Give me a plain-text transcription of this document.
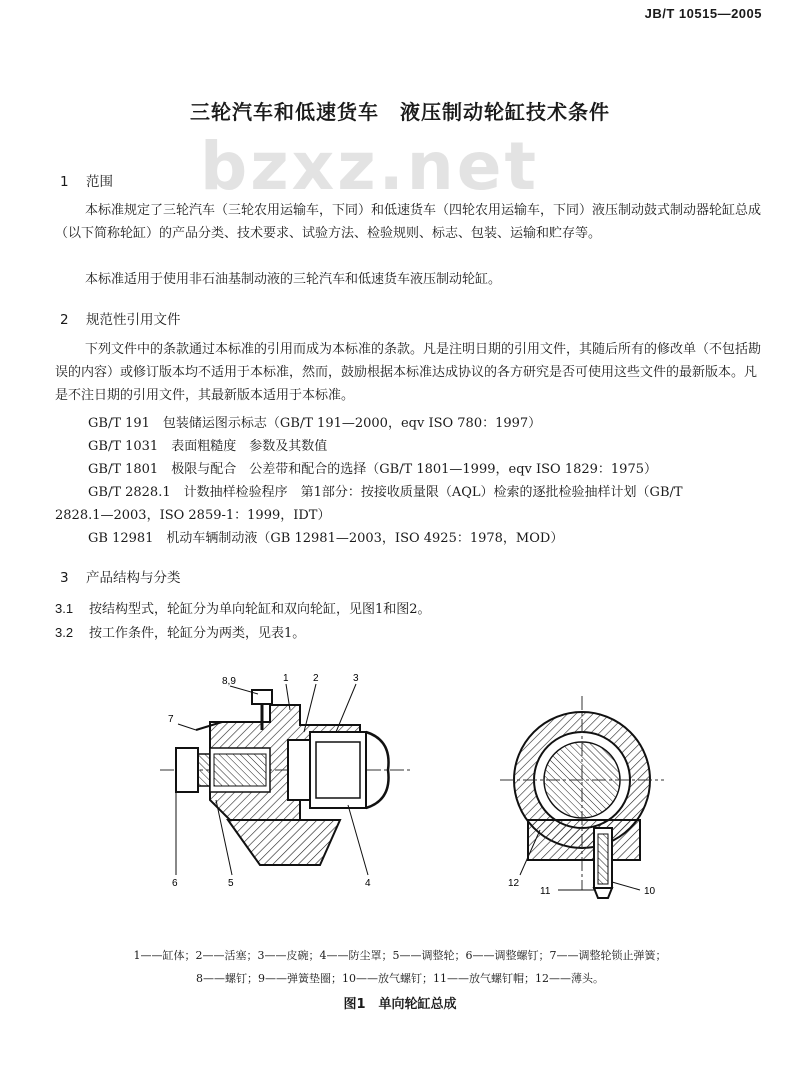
JB/T 10515—2005
三轮汽车和低速货车　液压制动轮缸技术条件
bzxz.net
1 范围
本标准规定了三轮汽车（三轮农用运输车，下同）和低速货车（四轮农用运输车，下同）液压制动鼓式制动器轮缸总成（以下简称轮缸）的产品分类、技术要求、试验方法、检验规则、标志、包装、运输和贮存等。
本标准适用于使用非石油基制动液的三轮汽车和低速货车液压制动轮缸。
2 规范性引用文件
下列文件中的条款通过本标准的引用而成为本标准的条款。凡是注明日期的引用文件，其随后所有的修改单（不包括勘误的内容）或修订版本均不适用于本标准，然而，鼓励根据本标准达成协议的各方研究是否可使用这些文件的最新版本。凡是不注日期的引用文件，其最新版本适用于本标准。
GB/T 191　包装储运图示标志（GB/T 191—2000，eqv ISO 780：1997）
GB/T 1031　表面粗糙度　参数及其数值
GB/T 1801　极限与配合　公差带和配合的选择（GB/T 1801—1999，eqv ISO 1829：1975）
GB/T 2828.1　计数抽样检验程序　第1部分：按接收质量限（AQL）检索的逐批检验抽样计划（GB/T
2828.1—2003，ISO 2859-1：1999，IDT）
GB 12981　机动车辆制动液（GB 12981—2003，ISO 4925：1978，MOD）
3 产品结构与分类
3.1 按结构型式，轮缸分为单向轮缸和双向轮缸，见图1和图2。
3.2 按工作条件，轮缸分为两类，见表1。
8,9	1 2	3
7
6	5	4	12
11	10
1——缸体；2——活塞；3——皮碗；4——防尘罩；5——调整轮；6——调整螺钉；7——调整轮锁止弹簧；
8——螺钉；9——弹簧垫圈；10——放气螺钉；11——放气螺钉帽；12——薄头。
图1　单向轮缸总成
